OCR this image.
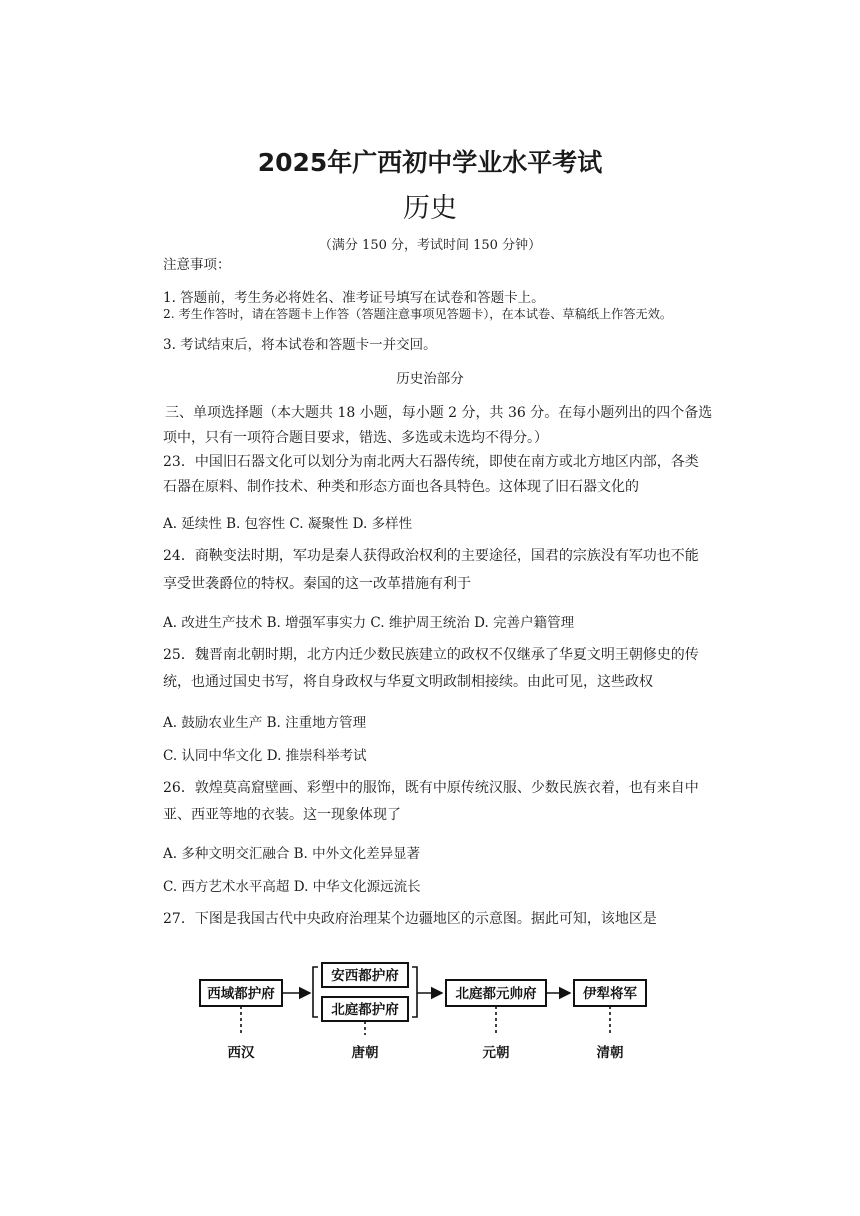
2025年广西初中学业水平考试
历史
（满分 150 分，考试时间 150 分钟）
注意事项：
1. 答题前，考生务必将姓名、准考证号填写在试卷和答题卡上。
2. 考生作答时，请在答题卡上作答（答题注意事项见答题卡），在本试卷、草稿纸上作答无效。
3. 考试结束后，将本试卷和答题卡一并交回。
历史治部分
三、单项选择题（本大题共 18 小题，每小题 2 分，共 36 分。在每小题列出的四个备选
项中，只有一项符合题目要求，错选、多选或未选均不得分。）
23．中国旧石器文化可以划分为南北两大石器传统，即使在南方或北方地区内部，各类
石器在原料、制作技术、种类和形态方面也各具特色。这体现了旧石器文化的
A. 延续性 B. 包容性 C. 凝聚性 D. 多样性
24．商鞅变法时期，军功是秦人获得政治权利的主要途径，国君的宗族没有军功也不能
享受世袭爵位的特权。秦国的这一改革措施有利于
A. 改进生产技术 B. 增强军事实力 C. 维护周王统治 D. 完善户籍管理
25．魏晋南北朝时期，北方内迁少数民族建立的政权不仅继承了华夏文明王朝修史的传
统，也通过国史书写，将自身政权与华夏文明政制相接续。由此可见，这些政权
A. 鼓励农业生产 B. 注重地方管理
C. 认同中华文化 D. 推崇科举考试
26．敦煌莫高窟壁画、彩塑中的服饰，既有中原传统汉服、少数民族衣着，也有来自中
亚、西亚等地的衣装。这一现象体现了
A. 多种文明交汇融合 B. 中外文化差异显著
C. 西方艺术水平高超 D. 中华文化源远流长
27．下图是我国古代中央政府治理某个边疆地区的示意图。据此可知，该地区是
西域都护府
安西都护府
北庭都护府
北庭都元帅府	伊犁将军
西汉	唐朝	元朝	清朝
